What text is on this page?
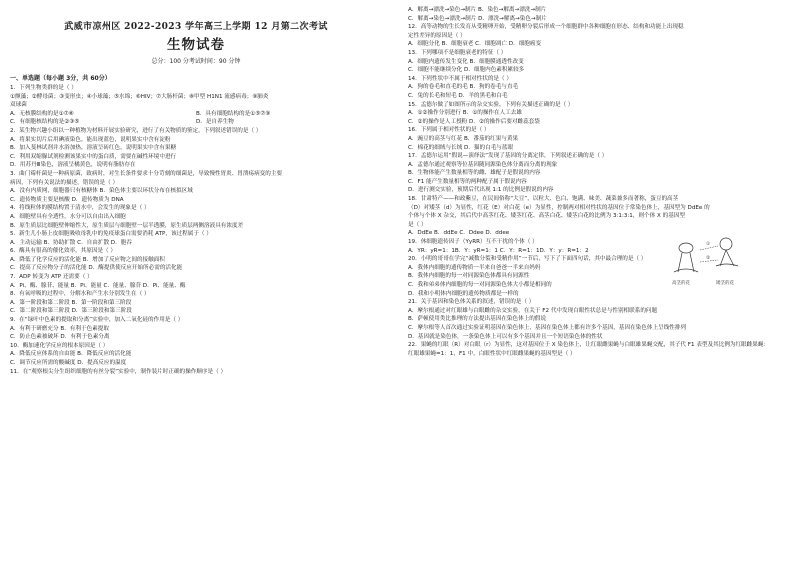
武威市凉州区 2022-2023 学年高三上学期 12 月第二次考试
生物试卷
总分：100 分考试时间：90 分钟
一、单选题（每小题 3分，共 60分）
1．下列生物类群的是（ ）
①颤藻；②酵母菌；③变形虫；④小球藻；⑤水绵；⑥HIV；⑦大肠杆菌；⑧甲型 H1N1 流感病毒；⑨肺炎
双球菌
A．无核膜结构的是①⑦⑧	B．具有细胞结构的是①⑤⑦⑨
C．有细胞核结构的是②③⑤	D．是自养生物
2．某生物兴趣小组以一种植物为材料开展实验研究，进行了有关物质的鉴定，下列叙述错误的是（ ）
A．将果实切片后用碘液染色，能出现蓝色，说明果实中含有淀粉
B．加入斐林试剂并水浴加热，溶液呈砖红色，说明果实中含有果糖
C．利用双缩脲试剂检测该果实中的蛋白质，需要在碱性环境中进行
D．用苏丹Ⅲ染色，溶液呈橘黄色，说明有脂肪存在
3．曲门霉杆菌是一种病原菌，致病时，对生长条件要求十分苛刻的细菌是，导致慢性胃炎、胃溃疡病变的主要
病因，下列有关说法的描述，错误的是（ ）
A．没有内质网，细胞器只有核糖体 B．染色体主要以环状分布在核拟区域
C．遗传物质主要是核酸 D．遗传物质为 DNA
4．将线粒体的膜结构置于清水中，会发生的现象是（ ）
A．细胞壁具有全透性，水分可以自由出入细胞
B．原生质层比细胞壁伸缩性大，原生质层与细胞壁一层半透膜，原生质层两侧溶液具有浓度差
5．新生儿小肠上皮细胞吸收母乳中的免疫球蛋白需要消耗 ATP，该过程属于（ ）
A．主动运输 B．协助扩散 C．自由扩散 D．胞吞
6．酶具有很高的催化效率，其原因是（ ）
A．降低了化学反应的活化能 B．增加了反应物之间的接触面积
C．提高了反应物分子的活化能 D．酶提供使反应开始所必需的活化能
7．ADP 转变为 ATP 还需要（ ）
A．Pi、酶、腺苷、能量 B．Pi、能量 C．能量、腺苷 D．Pi、能量、酶
8．有氧呼吸的过程中，分解水和产生水分别发生在（ ）
A．第一阶段和第二阶段 B．第一阶段和第三阶段
C．第二阶段和第三阶段 D．第三阶段和第三阶段
9．在“绿叶中色素的提取和分离”实验中，加入二氧化硅的作用是（ ）
A．有利于研磨充分 B．有利于色素提取
C．防止色素被破坏 D．有利于色素分离
10．酶加速化学反应的根本原因是（ ）
A．降低反应体系的自由能 B．降低反应的活化能
C．调节反应所需的酸碱度 D．提高反应的温度
11．在“观察根尖分生组织细胞的有丝分裂”实验中，制作装片时正确的操作顺序是（ ）
A．解离→漂洗→染色→制片 B．染色→解离→漂洗→制片
C．解离→染色→漂洗→制片 D．漂洗→解离→染色→制片
12．高等动物的生长发育从受精卵开始，受精卵分裂后形成一个细胞群中各种细胞在形态、结构和功能上出现稳
定性差异的原因是（ ）
A．细胞分化 B．细胞衰老 C．细胞凋亡 D．细胞癌变
13．下列哪项不是细胞衰老的特征（ ）
A．细胞内遗传发生变化 B．细胞膜通透性改变
C．细胞不能继续分化 D．细胞内色素积累较多
14．下列性状中不属于相对性状的是（ ）
A．狗的卷毛和直毛的毛 B．狗的卷毛与直毛
C．兔的长毛和短毛 D．羊的黑毛和白毛
15．孟德尔做了如图所示的杂交实验，下列有关描述正确的是（ ）
A．①②操作分别进行 B．①的操作在人工去雄
C．②的操作是人工授粉 D．②的操作后要对雌蕊套袋
16．下列属于相对性状的是（ ）
A．豌豆的高茎与红花 B．番茄的红果与黄果
C．棉花的细绒与长绒 D．猫的白毛与蓝眼
17．孟德尔运用“假说—演绎法”发现了基因的分离定律，下列叙述正确的是（ ）
A．孟德尔通过观察等位基因随同源染色体分离而分离的现象
B．生物体能产生数量相等的雌、雄配子是假说的内容
C．F1 能产生数量相等的两种配子属于假说内容
D．进行测交实验，预期后代出现 1:1 的比例是假说的内容
18．甘肃特产——和政紫豆，在民间俗称“大豆”，以粒大、色白、饱满、味美、蔬菜兼多而著称，蛋豆的高茎
（D）对矮茎（d）为显性，红花（E）对白花（e）为显性，控制两对相对性状的基因位于常染色体上，基因型为 DdEe 的
个体与个体 X 杂交，其后代中高茎红花、矮茎红花、高茎白花、矮茎白花的比例为 3:1:3:1，则个体 X 的基因型
是（ ）
A．DdEe B．ddEe C．Ddee D．ddee
19．休细胞遗传因子（YyRR）互不干扰的个体（ ）
A．YR：yR=1：1B．Y：yR=1：1 C．Y：R=1：1D．Y：y：R=1：2
20．小明的哥哥在学完“减数分裂和受精作用”一节后，写下了下面四句话，其中最合理的是（ ）
A．我体内细胞的遗传物质一半来自爸爸一半来自妈妈
B．我体内细胞的每一对同源染色体都具有同源性
C．我和弟弟体内细胞的每一对同源染色体大小都是相同的
D．我和小明体内细胞的遗传物质都是一样的
21．关于基因和染色体关系的叙述，错误的是（ ）
A．摩尔根通过对红眼雄与白眼雌的杂交实验，在关于 F2 代中发现白眼性状总是与性别相联系的问题
B．萨顿使用类比推理的方法提出基因在染色体上的假说
C．摩尔根等人首次通过实验证明基因在染色体上，基因在染色体上都有许多个基因，基因在染色体上呈线性排列
D．基因就是染色体，一条染色体上可以有多个基因并且一个短语染色体的性状
22．果蝇的红眼（R）对白眼（r）为显性，这对基因位于 X 染色体上，让红眼雌果蝇与白眼雄果蝇交配，其子代 F1 表型及其比例为红眼雌果蝇：
红眼雄果蝇=1：1，F1 中，白眼性状中红眼雌果蝇的基因型是（ ）
①
②
高茎的花	矮茎的花
